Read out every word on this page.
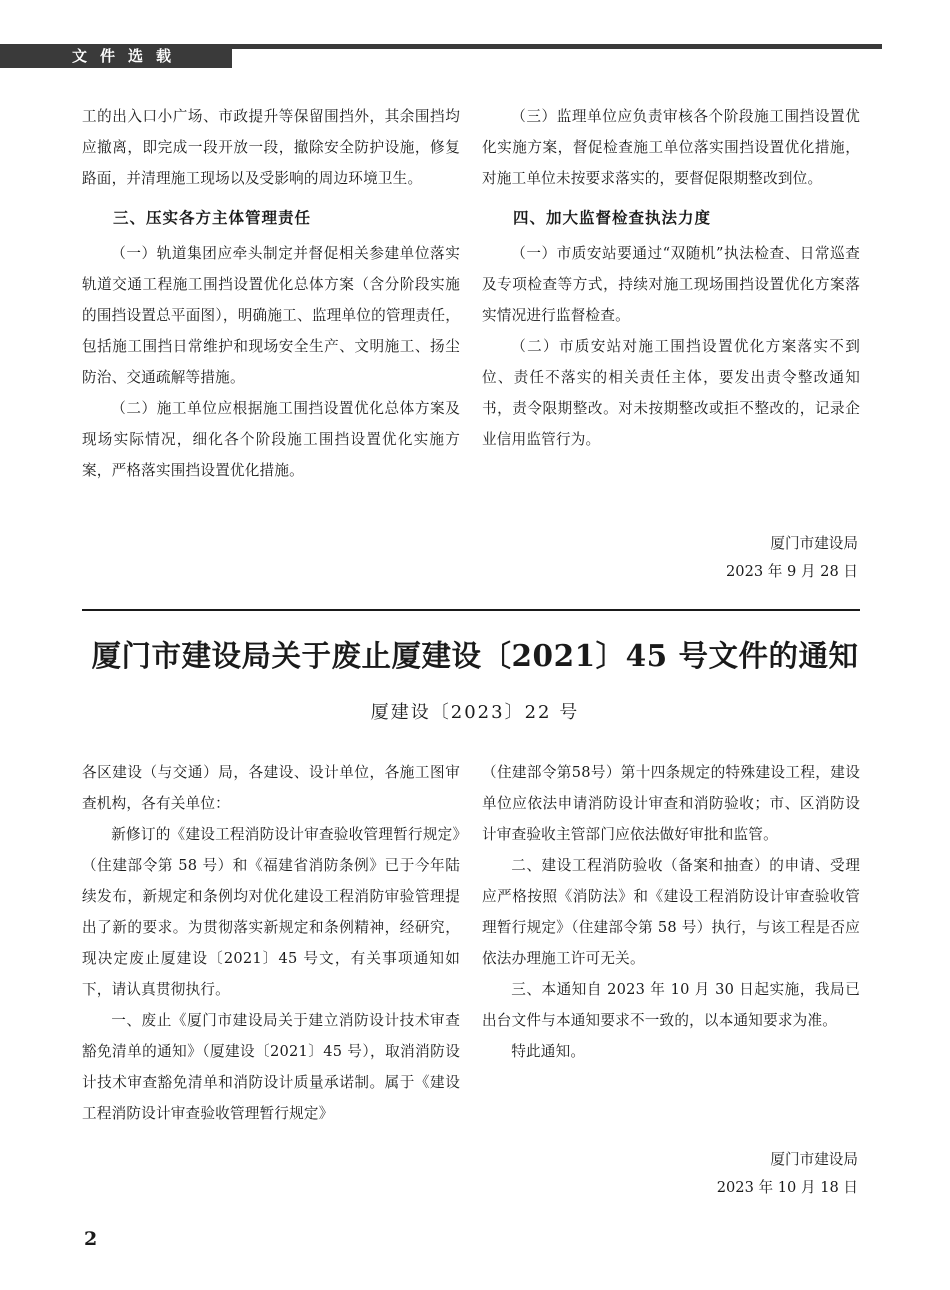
文件选载

工的出入口小广场、市政提升等保留围挡外，其余围挡均应撤离，即完成一段开放一段，撤除安全防护设施，修复路面，并清理施工现场以及受影响的周边环境卫生。

三、压实各方主体管理责任

（一）轨道集团应牵头制定并督促相关参建单位落实轨道交通工程施工围挡设置优化总体方案（含分阶段实施的围挡设置总平面图），明确施工、监理单位的管理责任，包括施工围挡日常维护和现场安全生产、文明施工、扬尘防治、交通疏解等措施。

（二）施工单位应根据施工围挡设置优化总体方案及现场实际情况，细化各个阶段施工围挡设置优化实施方案，严格落实围挡设置优化措施。

（三）监理单位应负责审核各个阶段施工围挡设置优化实施方案，督促检查施工单位落实围挡设置优化措施，对施工单位未按要求落实的，要督促限期整改到位。

四、加大监督检查执法力度

（一）市质安站要通过“双随机”执法检查、日常巡查及专项检查等方式，持续对施工现场围挡设置优化方案落实情况进行监督检查。

（二）市质安站对施工围挡设置优化方案落实不到位、责任不落实的相关责任主体，要发出责令整改通知书，责令限期整改。对未按期整改或拒不整改的，记录企业信用监管行为。

厦门市建设局
2023 年 9 月 28 日
厦门市建设局关于废止厦建设〔2021〕45 号文件的通知
厦建设〔2023〕22 号

各区建设（与交通）局，各建设、设计单位，各施工图审查机构，各有关单位：

新修订的《建设工程消防设计审查验收管理暂行规定》（住建部令第 58 号）和《福建省消防条例》已于今年陆续发布，新规定和条例均对优化建设工程消防审验管理提出了新的要求。为贯彻落实新规定和条例精神，经研究，现决定废止厦建设〔2021〕45 号文，有关事项通知如下，请认真贯彻执行。

一、废止《厦门市建设局关于建立消防设计技术审查豁免清单的通知》（厦建设〔2021〕45 号），取消消防设计技术审查豁免清单和消防设计质量承诺制。属于《建设工程消防设计审查验收管理暂行规定》

（住建部令第58号）第十四条规定的特殊建设工程，建设单位应依法申请消防设计审查和消防验收；市、区消防设计审查验收主管部门应依法做好审批和监管。

二、建设工程消防验收（备案和抽查）的申请、受理应严格按照《消防法》和《建设工程消防设计审查验收管理暂行规定》（住建部令第 58 号）执行，与该工程是否应依法办理施工许可无关。

三、本通知自 2023 年 10 月 30 日起实施，我局已出台文件与本通知要求不一致的，以本通知要求为准。

特此通知。

厦门市建设局
2023 年 10 月 18 日
2
